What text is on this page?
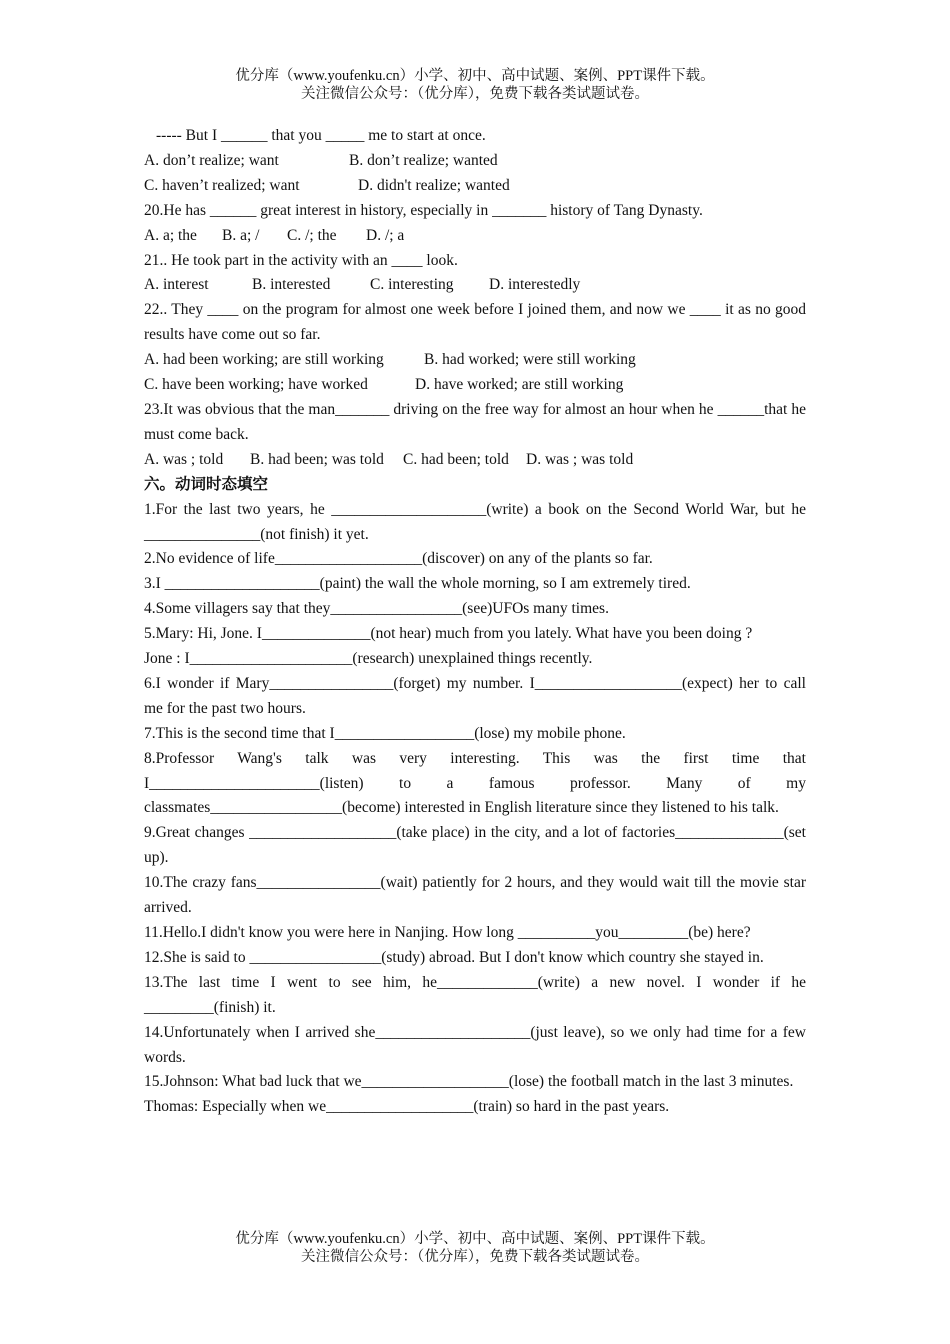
优分库（www.youfenku.cn）小学、初中、高中试题、案例、PPT课件下载。
关注微信公众号：（优分库），免费下载各类试题试卷。
----- But I ______ that you _____ me to start at once.
A. don’t realize; want	B. don’t realize; wanted
C. haven’t realized; want	D. didn't realize; wanted
20.He has ______ great interest in history, especially in _______ history of Tang Dynasty.
A. a; the B. a; / C. /; the D. /; a
21.. He took part in the activity with an ____ look.
A. interest	B. interested	C. interesting D. interestedly
22.. They ____ on the program for almost one week before I joined them, and now we ____ it as no good results have come out so far.
A. had been working; are still working	B. had worked; were still working
C. have been working; have worked	D. have worked; are still working
23.It was obvious that the man_______ driving on the free way for almost an hour when he ______that he must come back.
A. was ; told B. had been; was told C. had been; told D. was ; was told
六。动词时态填空
1.For the last two years, he ____________________(write) a book on the Second World War, but he _______________(not finish) it yet.
2.No evidence of life___________________(discover) on any of the plants so far.
3.I ____________________(paint) the wall the whole morning, so I am extremely tired.
4.Some villagers say that they_________________(see)UFOs many times.
5.Mary: Hi, Jone. I______________(not hear) much from you lately. What have you been doing ?
Jone : I_____________________(research) unexplained things recently.
6.I wonder if Mary________________(forget) my number. I___________________(expect) her to call me for the past two hours.
7.This is the second time that I__________________(lose) my mobile phone.
8.Professor Wang's talk was very interesting. This was the first time that I______________________(listen) to a famous professor. Many of my classmates_________________(become) interested in English literature since they listened to his talk.
9.Great changes ___________________(take place) in the city, and a lot of factories______________(set up).
10.The crazy fans________________(wait) patiently for 2 hours, and they would wait till the movie star arrived.
11.Hello.I didn't know you were here in Nanjing. How long __________you_________(be) here?
12.She is said to _________________(study) abroad. But I don't know which country she stayed in.
13.The last time I went to see him, he_____________(write) a new novel. I wonder if he _________(finish) it.
14.Unfortunately when I arrived she____________________(just leave), so we only had time for a few words.
15.Johnson: What bad luck that we___________________(lose) the football match in the last 3 minutes.
Thomas: Especially when we___________________(train) so hard in the past years.
优分库（www.youfenku.cn）小学、初中、高中试题、案例、PPT课件下载。
关注微信公众号：（优分库），免费下载各类试题试卷。
